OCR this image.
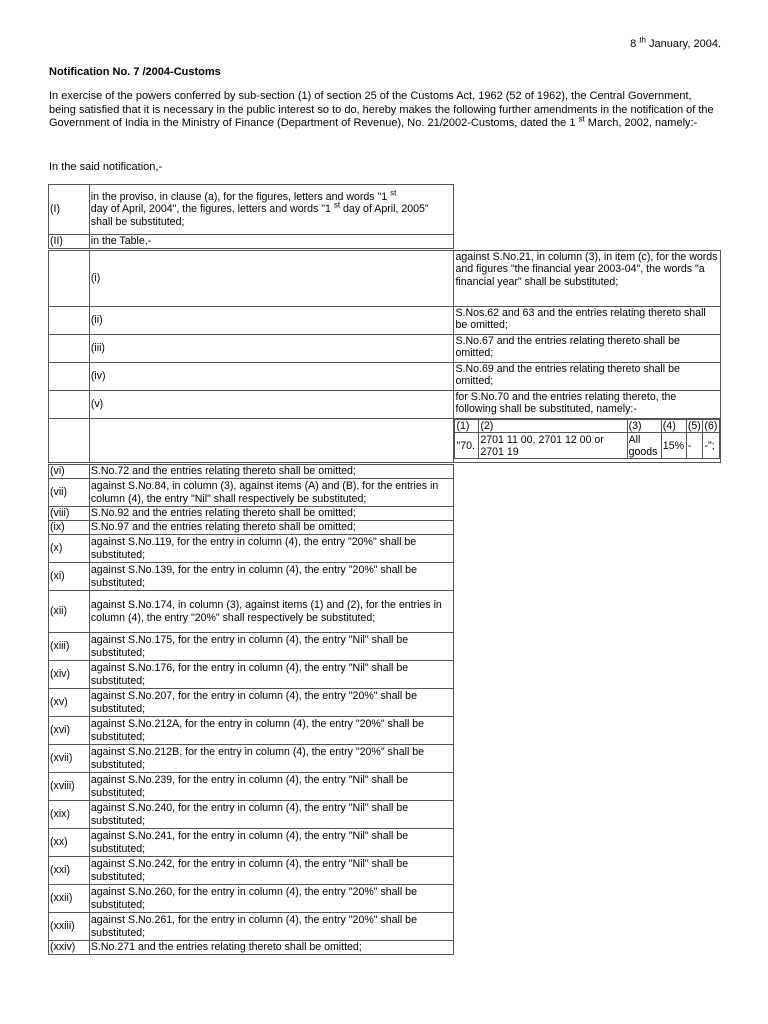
8 $^{th}$ January, 2004.
Notification No. 7 /2004-Customs
In exercise of the powers conferred by sub-section (1) of section 25 of the Customs Act, 1962 (52 of 1962), the Central Government, being satisfied that it is necessary in the public interest so to do, hereby makes the following further amendments in the notification of the Government of India in the Ministry of Finance (Department of Revenue), No. 21/2002-Customs, dated the 1 $^{st}$ March, 2002, namely:-
In the said notification,-
(I)	in the proviso, in clause (a), for the figures, letters and words "1 $^{st}$
day of April, 2004", the figures, letters and words "1 $^{st}$ day of April, 2005" shall be substituted;
(II)	in the Table,-
	(i)	against S.No.21, in column (3), in item (c), for the words and figures "the financial year 2003-04", the words "a financial year" shall be substituted;
	(ii)	S.Nos.62 and 63 and the entries relating thereto shall be omitted;
	(iii)	S.No.67 and the entries relating thereto shall be omitted;
	(iv)	S.No.69 and the entries relating thereto shall be omitted;
	(v)	for S.No.70 and the entries relating thereto, the following shall be substituted, namely:-

(1)	(2)	(3)	(4)	(5)	(6)
"70.	2701 11 00, 2701 12 00 or 2701 19	All goods	15%	-	-";
(vi)	S.No.72 and the entries relating thereto shall be omitted;
(vii)	against S.No.84, in column (3), against items (A) and (B), for the entries in column (4), the entry "Nil" shall respectively be substituted;
(viii)	S.No.92 and the entries relating thereto shall be omitted;
(ix)	S.No.97 and the entries relating thereto shall be omitted;
(x)	against S.No.119, for the entry in column (4), the entry "20%" shall be substituted;
(xi)	against S.No.139, for the entry in column (4), the entry "20%" shall be substituted;
(xii)	against S.No.174, in column (3), against items (1) and (2), for the entries in column (4), the entry "20%" shall respectively be substituted;
(xiii)	against S.No.175, for the entry in column (4), the entry "Nil" shall be substituted;
(xiv)	against S.No.176, for the entry in column (4), the entry "Nil" shall be substituted;
(xv)	against S.No.207, for the entry in column (4), the entry "20%" shall be substituted;
(xvi)	against S.No.212A, for the entry in column (4), the entry "20%" shall be substituted;
(xvii)	against S.No.212B, for the entry in column (4), the entry "20%" shall be substituted;
(xviii)	against S.No.239, for the entry in column (4), the entry "Nil" shall be substituted;
(xix)	against S.No.240, for the entry in column (4), the entry "Nil" shall be substituted;
(xx)	against S.No.241, for the entry in column (4), the entry "Nil" shall be substituted;
(xxi)	against S.No.242, for the entry in column (4), the entry "Nil" shall be substituted;
(xxii)	against S.No.260, for the entry in column (4), the entry "20%" shall be substituted;
(xxiii)	against S.No.261, for the entry in column (4), the entry "20%" shall be substituted;
(xxiv)	S.No.271 and the entries relating thereto shall be omitted;
